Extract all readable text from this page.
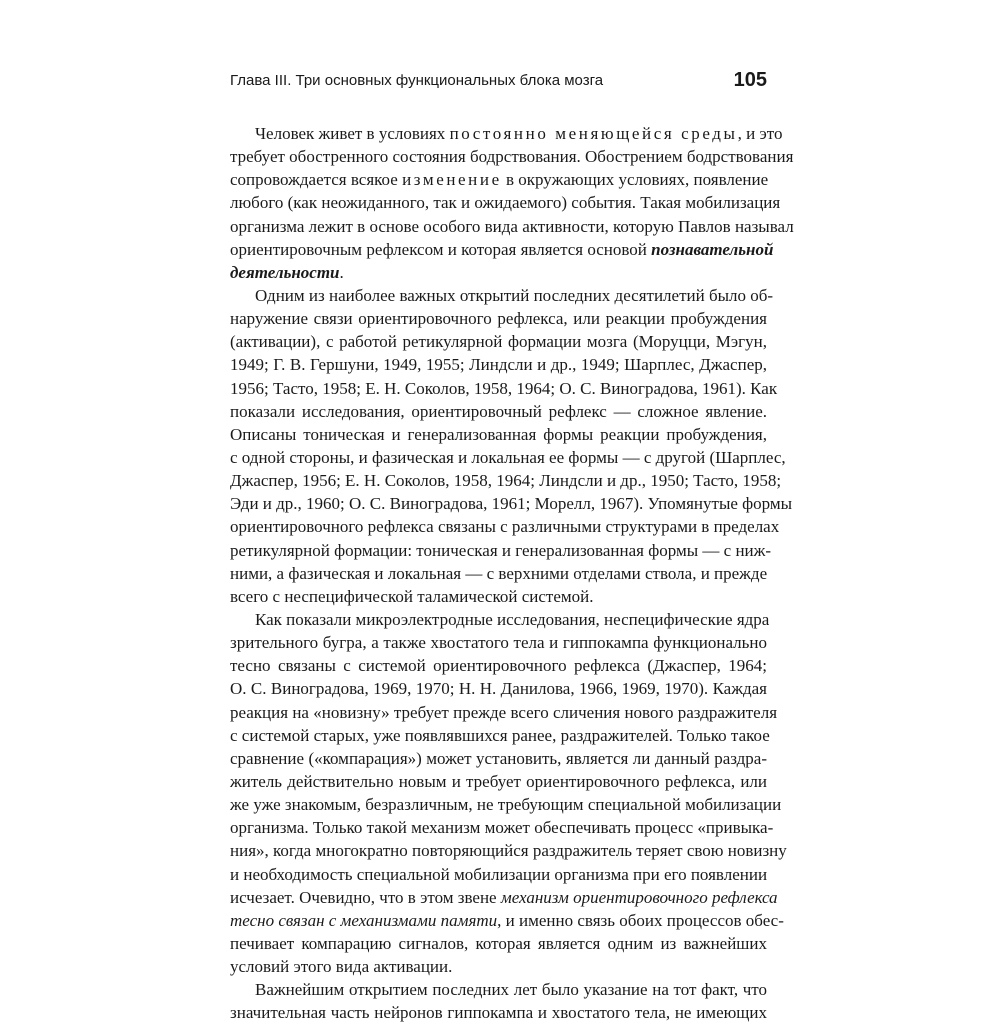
Глава III. Три основных функциональных блока мозга	105
Человек живет в условиях постоянно меняющейся среды, и это
требует обостренного состояния бодрствования. Обострением бодрствования
сопровождается всякое изменение в окружающих условиях, появление
любого (как неожиданного, так и ожидаемого) события. Такая мобилизация
организма лежит в основе особого вида активности, которую Павлов называл
ориентировочным рефлексом и которая является основой познавательной
деятельности.
Одним из наиболее важных открытий последних десятилетий было об-
наружение связи ориентировочного рефлекса, или реакции пробуждения
(активации), с работой ретикулярной формации мозга (Моруцци, Мэгун,
1949; Г. В. Гершуни, 1949, 1955; Линдсли и др., 1949; Шарплес, Джаспер,
1956; Тасто, 1958; Е. Н. Соколов, 1958, 1964; О. С. Виноградова, 1961). Как
показали исследования, ориентировочный рефлекс — сложное явление.
Описаны тоническая и генерализованная формы реакции пробуждения,
с одной стороны, и фазическая и локальная ее формы — с другой (Шарплес,
Джаспер, 1956; Е. Н. Соколов, 1958, 1964; Линдсли и др., 1950; Тасто, 1958;
Эди и др., 1960; О. С. Виноградова, 1961; Морелл, 1967). Упомянутые формы
ориентировочного рефлекса связаны с различными структурами в пределах
ретикулярной формации: тоническая и генерализованная формы — с ниж-
ними, а фазическая и локальная — с верхними отделами ствола, и прежде
всего с неспецифической таламической системой.
Как показали микроэлектродные исследования, неспецифические ядра
зрительного бугра, а также хвостатого тела и гиппокампа функционально
тесно связаны с системой ориентировочного рефлекса (Джаспер, 1964;
О. С. Виноградова, 1969, 1970; Н. Н. Данилова, 1966, 1969, 1970). Каждая
реакция на «новизну» требует прежде всего сличения нового раздражителя
с системой старых, уже появлявшихся ранее, раздражителей. Только такое
сравнение («компарация») может установить, является ли данный раздра-
житель действительно новым и требует ориентировочного рефлекса, или
же уже знакомым, безразличным, не требующим специальной мобилизации
организма. Только такой механизм может обеспечивать процесс «привыка-
ния», когда многократно повторяющийся раздражитель теряет свою новизну
и необходимость специальной мобилизации организма при его появлении
исчезает. Очевидно, что в этом звене механизм ориентировочного рефлекса
тесно связан с механизмами памяти, и именно связь обоих процессов обес-
печивает компарацию сигналов, которая является одним из важнейших
условий этого вида активации.
Важнейшим открытием последних лет было указание на тот факт, что
значительная часть нейронов гиппокампа и хвостатого тела, не имеющих
